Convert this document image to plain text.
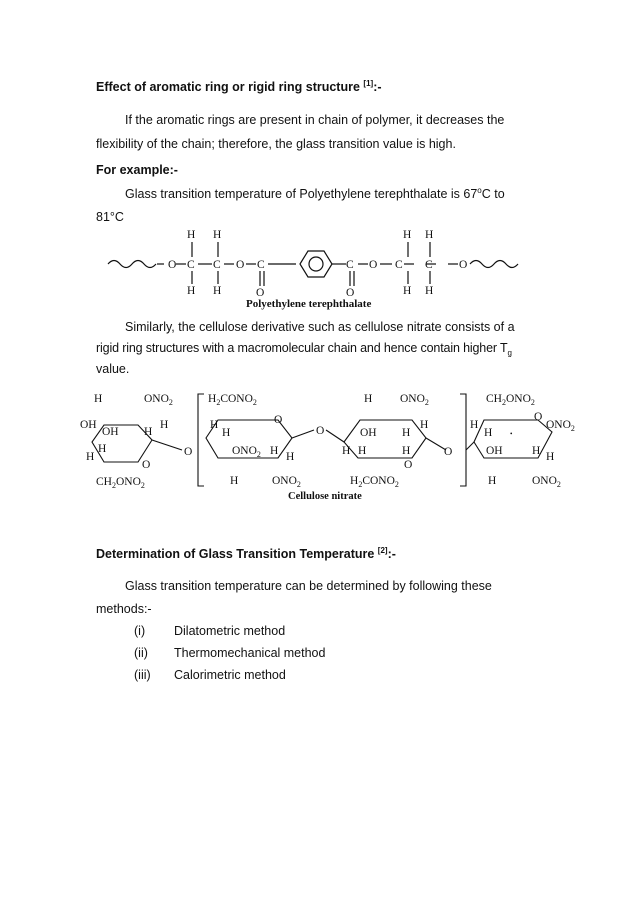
Effect of aromatic ring or rigid ring structure [1]:-
If the aromatic rings are present in chain of polymer, it decreases the
flexibility of the chain; therefore, the glass transition value is high.
For example:-
Glass transition temperature of Polyethylene terephthalate is 67$^o$C to
81°C
O C C O C	C O C C O
H H	H H
H H	O	O	H H
Polyethylene terephthalate
Similarly, the cellulose derivative such as cellulose nitrate consists of a
rigid ring structures with a macromolecular chain and hence contain higher $T_g$
value.
H	$ONO_2$
OH
OH H
H
H
H
O
O
$CH_2ONO_2$
$H_2CONO_2$
O
H
H
$ONO_2$ H H
H	$ONO_2$
O
H $ONO_2$
OH H
H
H H	H
O
O
$H_2CONO_2$
$CH_2ONO_2$
O
$ONO_2$
H
H	•
OH	H H
H	$ONO_2$
Cellulose nitrate
Determination of Glass Transition Temperature [2]:-
Glass transition temperature can be determined by following these
methods:-
(i) Dilatometric method
(ii) Thermomechanical method
(iii) Calorimetric method
